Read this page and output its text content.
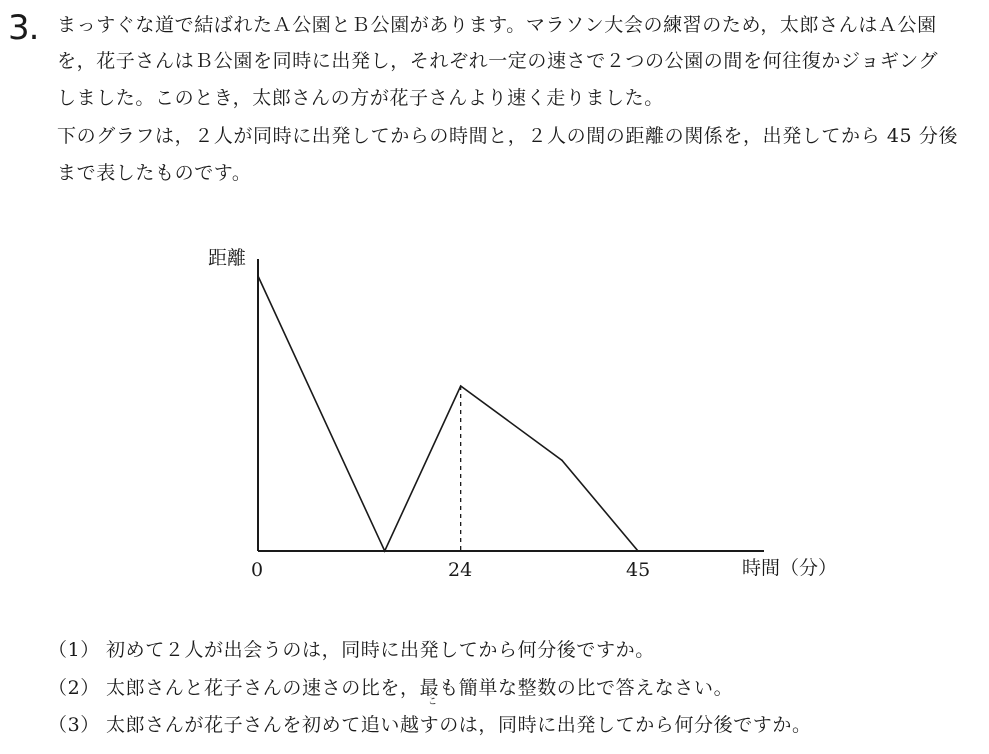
3. まっすぐな道で結ばれたＡ公園とＢ公園があります。マラソン大会の練習のため，太郎さんはＡ公園
を，花子さんはＢ公園を同時に出発し，それぞれ一定の速さで２つの公園の間を何往復かジョギング
しました。このとき，太郎さんの方が花子さんより速く走りました。
下のグラフは，２人が同時に出発してからの時間と，２人の間の距離の関係を，出発してから 45 分後
まで表したものです。
距離
時間（分）
0	24	45
（1） 初めて２人が出会うのは，同時に出発してから何分後ですか。
こ
（2） 太郎さんと花子さんの速さの比を，最も簡単な整数の比で答えなさい。
（3） 太郎さんが花子さんを初めて追い越すのは，同時に出発してから何分後ですか。
